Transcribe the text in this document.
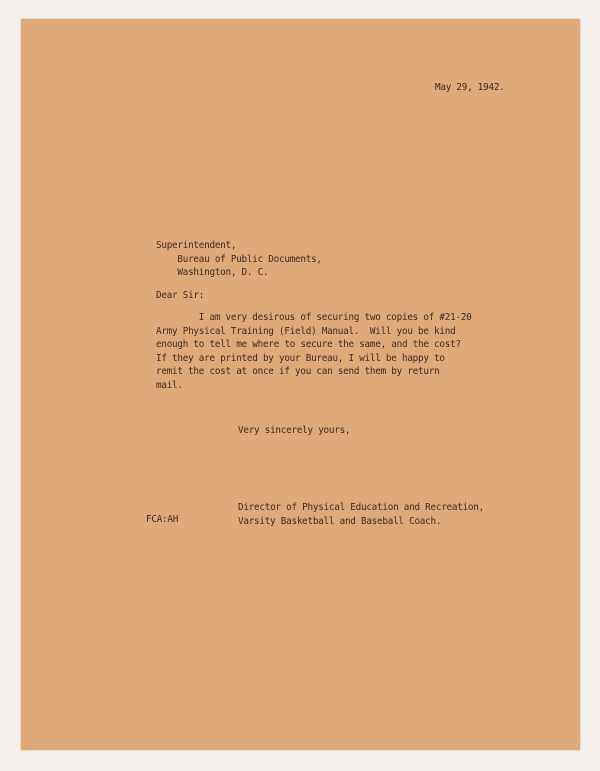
May 29, 1942.

Superintendent,
Bureau of Public Documents,
Washington, D. C.

Dear Sir:

I am very desirous of securing two copies of #21-20
Army Physical Training (Field) Manual.  Will you be kind
enough to tell me where to secure the same, and the cost?
If they are printed by your Bureau, I will be happy to
remit the cost at once if you can send them by return
mail.

Very sincerely yours,

FCA:AH

Director of Physical Education and Recreation,
Varsity Basketball and Baseball Coach.
